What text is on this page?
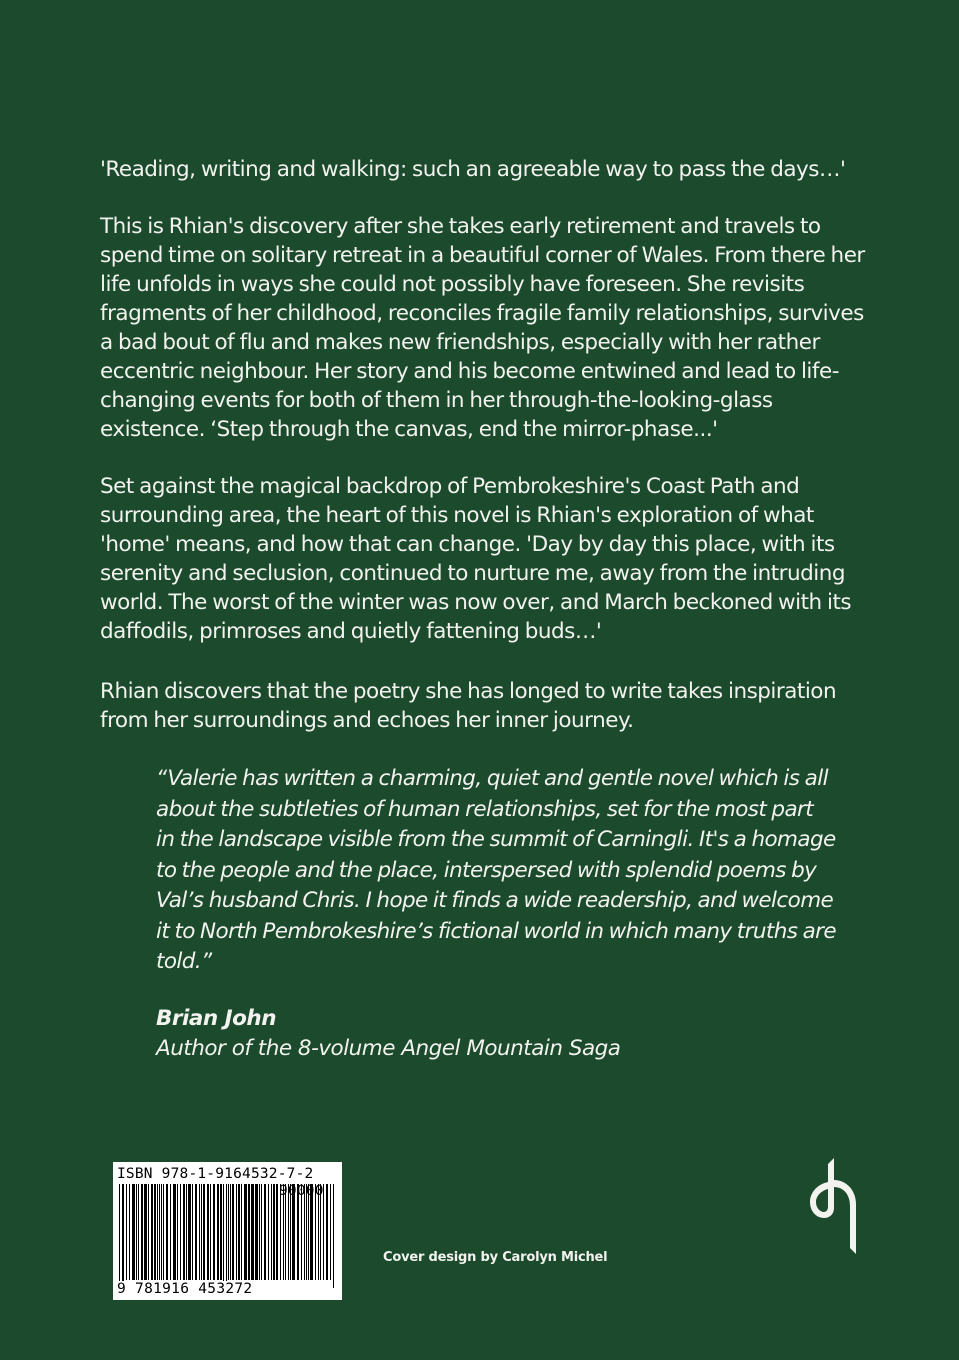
'Reading, writing and walking: such an agreeable way to pass the days…'

This is Rhian's discovery after she takes early retirement and travels to spend time on solitary retreat in a beautiful corner of Wales. From there her life unfolds in ways she could not possibly have foreseen. She revisits fragments of her childhood, reconciles fragile family relationships, survives a bad bout of flu and makes new friendships, especially with her rather eccentric neighbour. Her story and his become entwined and lead to life-changing events for both of them in her through-the-looking-glass existence. ‘Step through the canvas, end the mirror-phase...'

Set against the magical backdrop of Pembrokeshire's Coast Path and surrounding area, the heart of this novel is Rhian's exploration of what 'home' means, and how that can change. 'Day by day this place, with its serenity and seclusion, continued to nurture me, away from the intruding world. The worst of the winter was now over, and March beckoned with its daffodils, primroses and quietly fattening buds…'

Rhian discovers that the poetry she has longed to write takes inspiration from her surroundings and echoes her inner journey.

“Valerie has written a charming, quiet and gentle novel which is all about the subtleties of human relationships, set for the most part in the landscape visible from the summit of Carningli. It's a homage to the people and the place, interspersed with splendid poems by Val’s husband Chris. I hope it finds a wide readership, and welcome it to North Pembrokeshire’s fictional world in which many truths are told.”

Brian John
Author of the 8-volume Angel Mountain Saga

ISBN 978-1-9164532-7-2
90000
9 781916 453272
Cover design by Carolyn Michel
